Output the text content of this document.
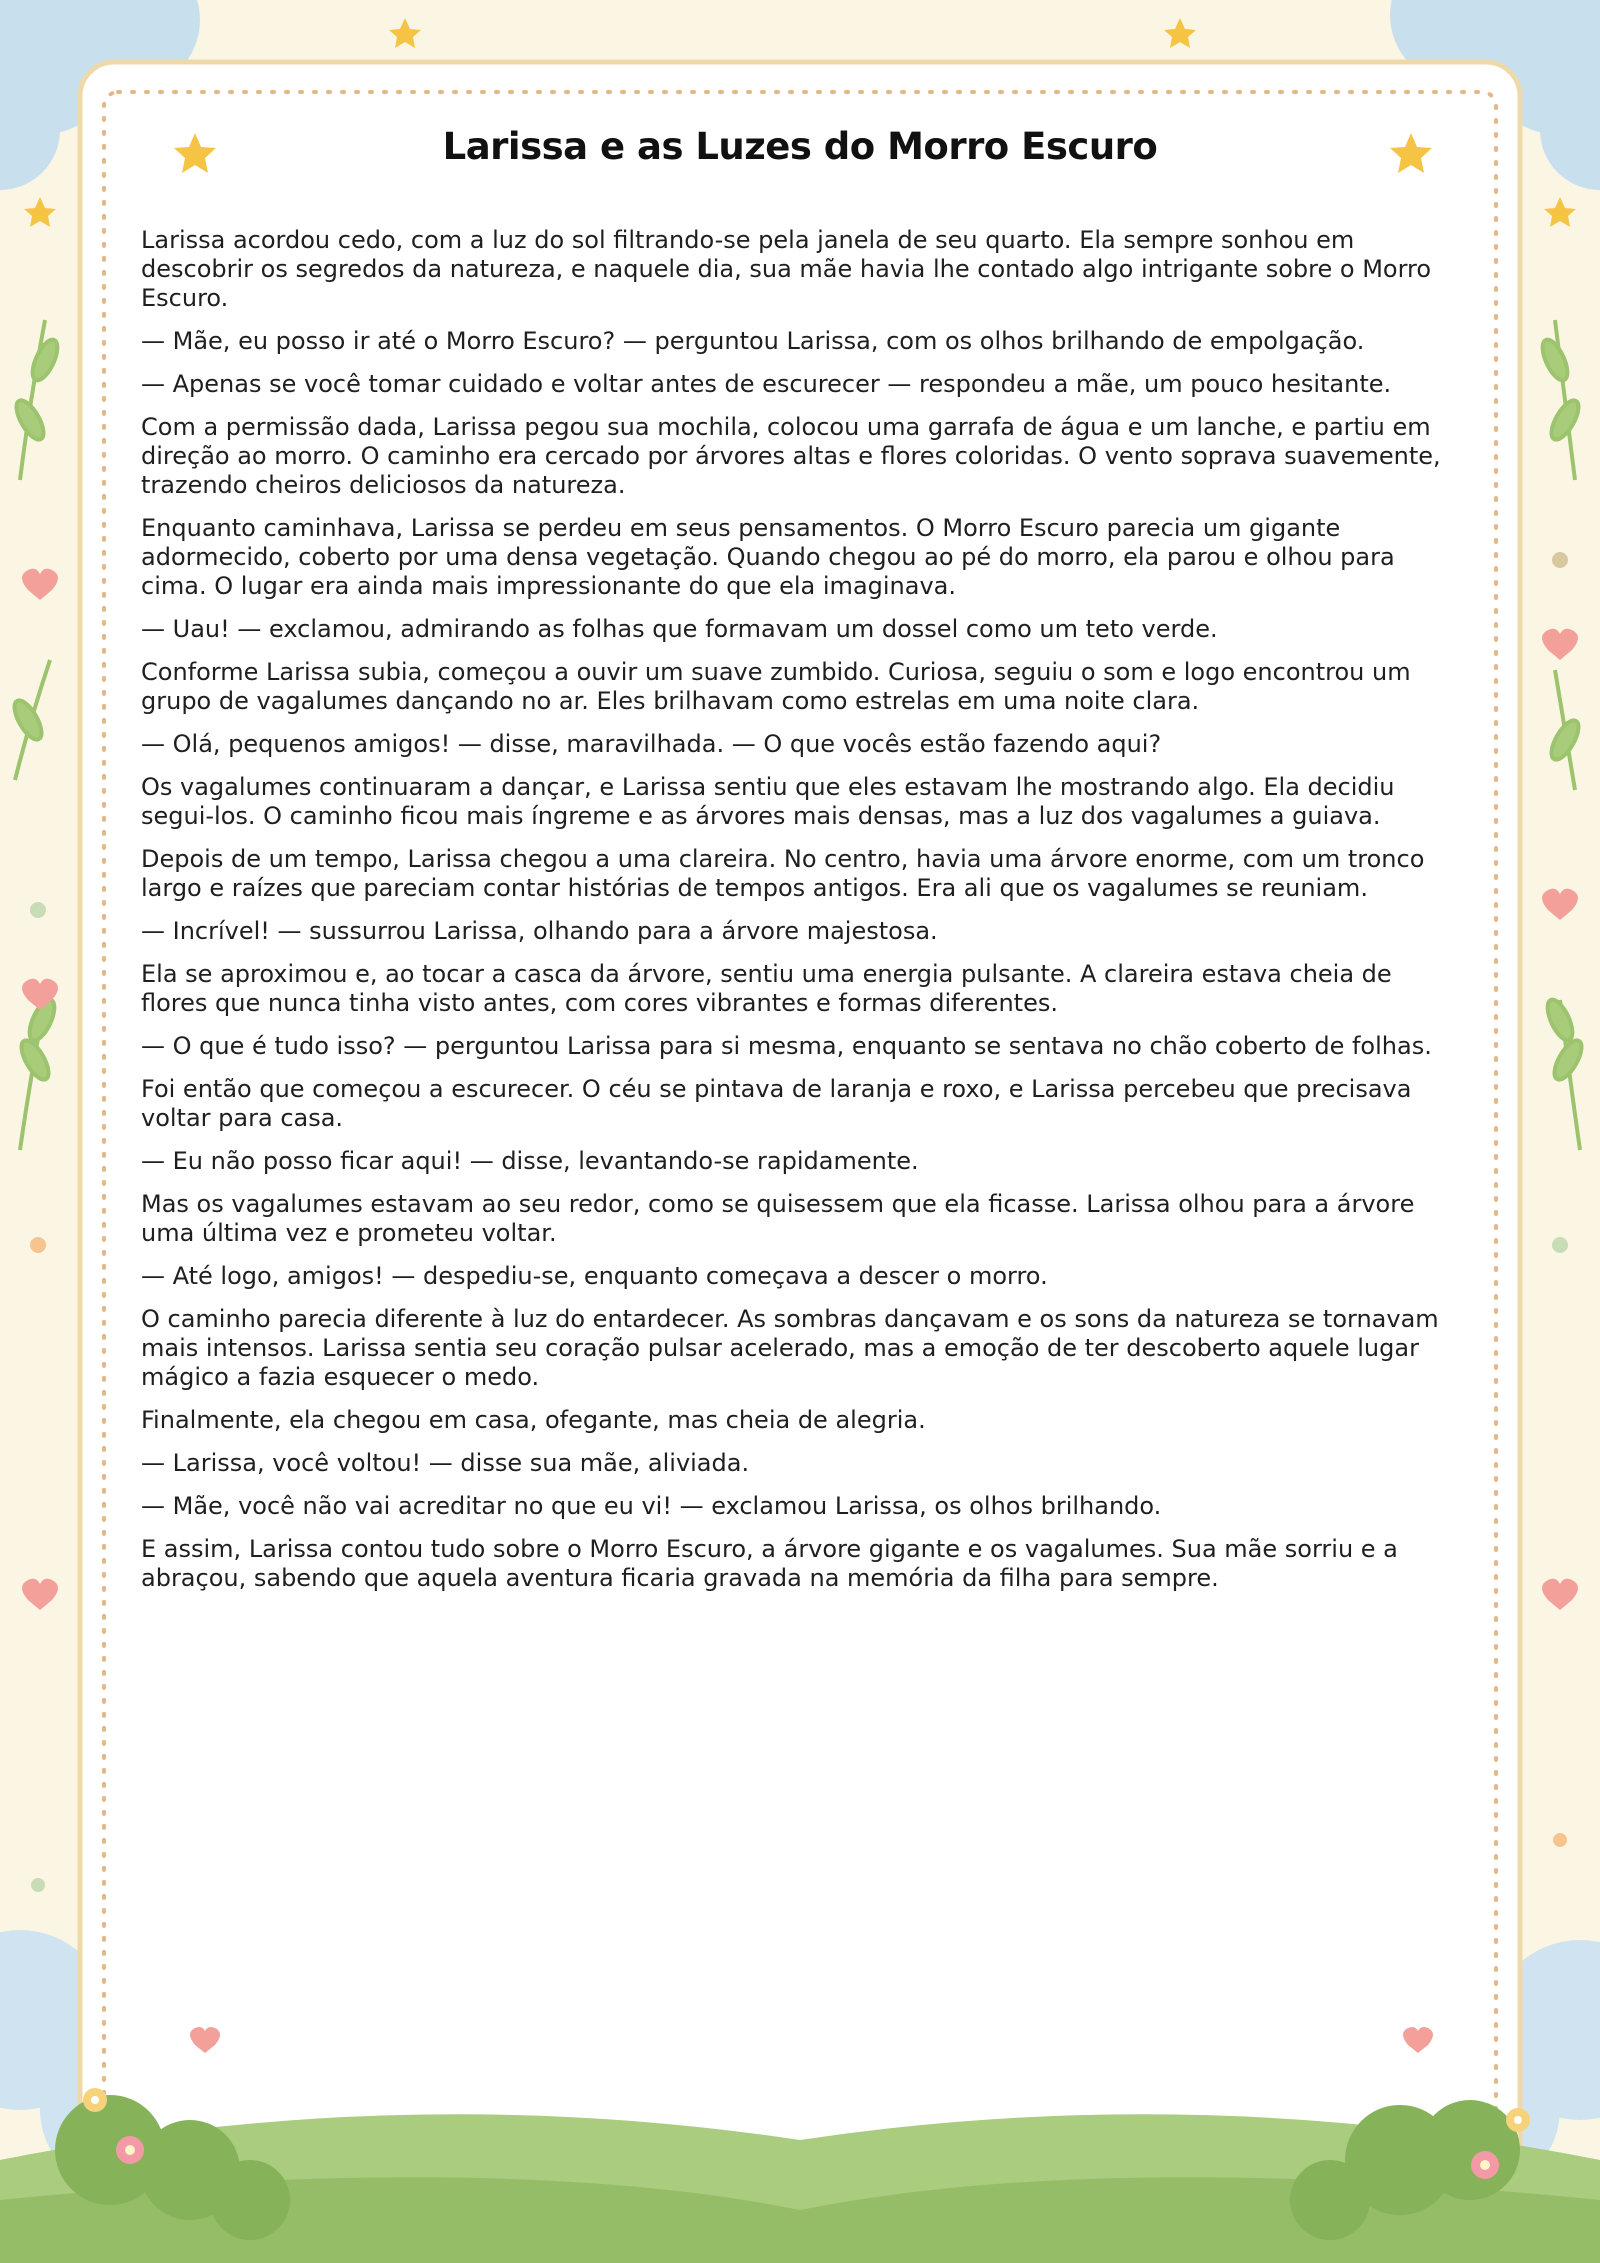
Larissa e as Luzes do Morro Escuro

Larissa acordou cedo, com a luz do sol filtrando-se pela janela de seu quarto. Ela sempre sonhou em descobrir os segredos da natureza, e naquele dia, sua mãe havia lhe contado algo intrigante sobre o Morro Escuro.

— Mãe, eu posso ir até o Morro Escuro? — perguntou Larissa, com os olhos brilhando de empolgação.

— Apenas se você tomar cuidado e voltar antes de escurecer — respondeu a mãe, um pouco hesitante.

Com a permissão dada, Larissa pegou sua mochila, colocou uma garrafa de água e um lanche, e partiu em direção ao morro. O caminho era cercado por árvores altas e flores coloridas. O vento soprava suavemente, trazendo cheiros deliciosos da natureza.

Enquanto caminhava, Larissa se perdeu em seus pensamentos. O Morro Escuro parecia um gigante adormecido, coberto por uma densa vegetação. Quando chegou ao pé do morro, ela parou e olhou para cima. O lugar era ainda mais impressionante do que ela imaginava.

— Uau! — exclamou, admirando as folhas que formavam um dossel como um teto verde.

Conforme Larissa subia, começou a ouvir um suave zumbido. Curiosa, seguiu o som e logo encontrou um grupo de vagalumes dançando no ar. Eles brilhavam como estrelas em uma noite clara.

— Olá, pequenos amigos! — disse, maravilhada. — O que vocês estão fazendo aqui?

Os vagalumes continuaram a dançar, e Larissa sentiu que eles estavam lhe mostrando algo. Ela decidiu segui-los. O caminho ficou mais íngreme e as árvores mais densas, mas a luz dos vagalumes a guiava.

Depois de um tempo, Larissa chegou a uma clareira. No centro, havia uma árvore enorme, com um tronco largo e raízes que pareciam contar histórias de tempos antigos. Era ali que os vagalumes se reuniam.

— Incrível! — sussurrou Larissa, olhando para a árvore majestosa.

Ela se aproximou e, ao tocar a casca da árvore, sentiu uma energia pulsante. A clareira estava cheia de flores que nunca tinha visto antes, com cores vibrantes e formas diferentes.

— O que é tudo isso? — perguntou Larissa para si mesma, enquanto se sentava no chão coberto de folhas.

Foi então que começou a escurecer. O céu se pintava de laranja e roxo, e Larissa percebeu que precisava voltar para casa.

— Eu não posso ficar aqui! — disse, levantando-se rapidamente.

Mas os vagalumes estavam ao seu redor, como se quisessem que ela ficasse. Larissa olhou para a árvore uma última vez e prometeu voltar.

— Até logo, amigos! — despediu-se, enquanto começava a descer o morro.

O caminho parecia diferente à luz do entardecer. As sombras dançavam e os sons da natureza se tornavam mais intensos. Larissa sentia seu coração pulsar acelerado, mas a emoção de ter descoberto aquele lugar mágico a fazia esquecer o medo.

Finalmente, ela chegou em casa, ofegante, mas cheia de alegria.

— Larissa, você voltou! — disse sua mãe, aliviada.

— Mãe, você não vai acreditar no que eu vi! — exclamou Larissa, os olhos brilhando.

E assim, Larissa contou tudo sobre o Morro Escuro, a árvore gigante e os vagalumes. Sua mãe sorriu e a abraçou, sabendo que aquela aventura ficaria gravada na memória da filha para sempre.
